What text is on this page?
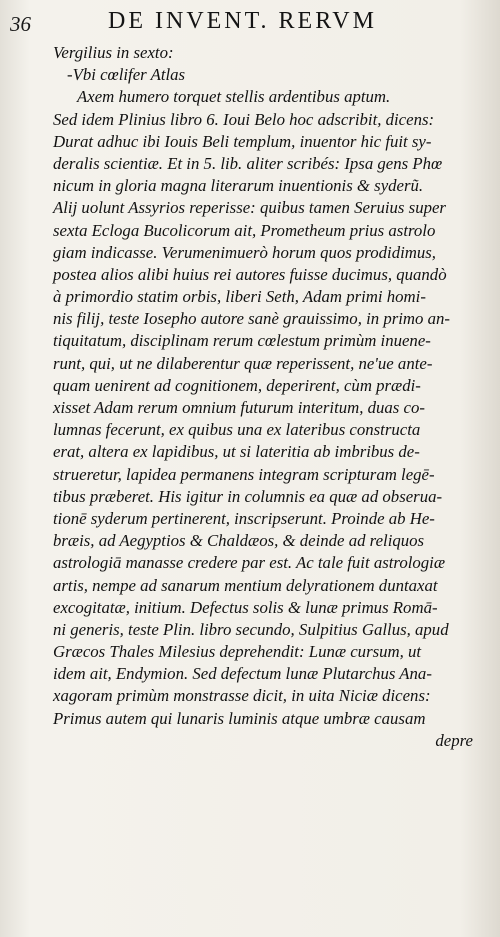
36	DE INVENT. RERVM
Vergilius in sexto:
-Vbi cœlifer Atlas
Axem humero torquet stellis ardentibus aptum.
Sed idem Plinius libro 6. Ioui Belo hoc adscribit, dicens:
Durat adhuc ibi Iouis Beli templum, inuentor hic fuit sy-
deralis scientiæ. Et in 5. lib. aliter scribés: Ipsa gens Phœ
nicum in gloria magna literarum inuentionis & syderũ.
Alij uolunt Assyrios reperisse: quibus tamen Seruius super
sexta Ecloga Bucolicorum ait, Prometheum prius astrolo
giam indicasse. Verumenimuerò horum quos prodidimus,
postea alios alibi huius rei autores fuisse ducimus, quandò
à primordio statim orbis, liberi Seth, Adam primi homi-
nis filij, teste Iosepho autore sanè grauissimo, in primo an-
tiquitatum, disciplinam rerum cœlestum primùm inuene-
runt, qui, ut ne dilaberentur quæ reperissent, ne'ue ante-
quam uenirent ad cognitionem, deperirent, cùm prædi-
xisset Adam rerum omnium futurum interitum, duas co-
lumnas fecerunt, ex quibus una ex lateribus constructa
erat, altera ex lapidibus, ut si lateritia ab imbribus de-
strueretur, lapidea permanens integram scripturam legē-
tibus præberet. His igitur in columnis ea quæ ad obserua-
tionē syderum pertinerent, inscripserunt. Proinde ab He-
bræis, ad Aegyptios & Chaldæos, & deinde ad reliquos
astrologiā manasse credere par est. Ac tale fuit astrologiæ
artis, nempe ad sanarum mentium delyrationem duntaxat
excogitatæ, initium. Defectus solis & lunæ primus Romā-
ni generis, teste Plin. libro secundo, Sulpitius Gallus, apud
Græcos Thales Milesius deprehendit: Lunæ cursum, ut
idem ait, Endymion. Sed defectum lunæ Plutarchus Ana-
xagoram primùm monstrasse dicit, in uita Niciæ dicens:
Primus autem qui lunaris luminis atque umbræ causam
depre
